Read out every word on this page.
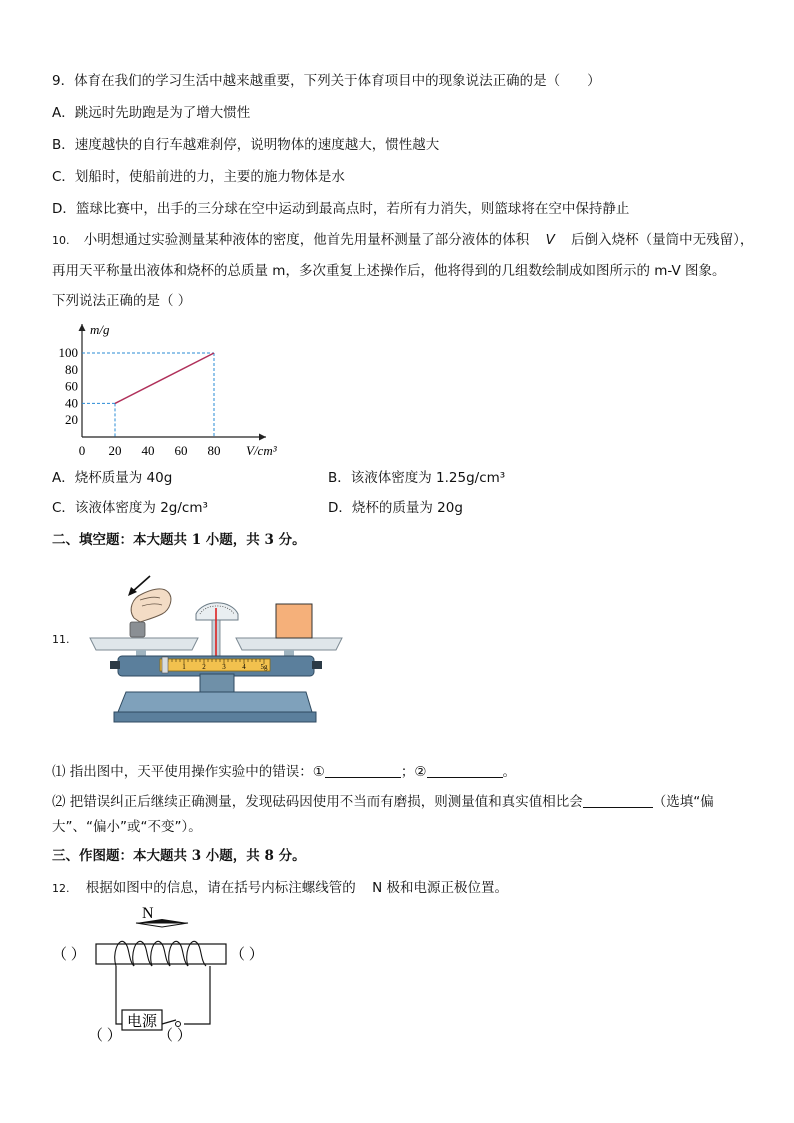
9．体育在我们的学习生活中越来越重要，下列关于体育项目中的现象说法正确的是（　　）
A．跳远时先助跑是为了增大惯性
B．速度越快的自行车越难刹停，说明物体的速度越大，惯性越大
C．划船时，使船前进的力，主要的施力物体是水
D．篮球比赛中，出手的三分球在空中运动到最高点时，若所有力消失，则篮球将在空中保持静止
10. 小明想通过实验测量某种液体的密度，他首先用量杯测量了部分液体的体积 V 后倒入烧杯（量筒中无残留），
再用天平称量出液体和烧杯的总质量 m，多次重复上述操作后，他将得到的几组数绘制成如图所示的 m-V 图象。
下列说法正确的是（ ）
m/g
V/cm³
20
40
60
80
100
0 20 40 60 80
A．烧杯质量为 40g	B．该液体密度为 1.25g/cm³
C．该液体密度为 2g/cm³	D．烧杯的质量为 20g
二、填空题：本大题共 1 小题，共 3 分。
11.
1 2 3 4 5g
⑴ 指出图中，天平使用操作实验中的错误：①	；②	。
⑵ 把错误纠正后继续正确测量，发现砝码因使用不当而有磨损，则测量值和真实值相比会	（选填“偏
大”、“偏小”或“不变”）。
三、作图题：本大题共 3 小题，共 8 分。
12. 根据如图中的信息，请在括号内标注螺线管的 N 极和电源正极位置。
N
电源
（ ）	（ ）
（ ） （ ）
